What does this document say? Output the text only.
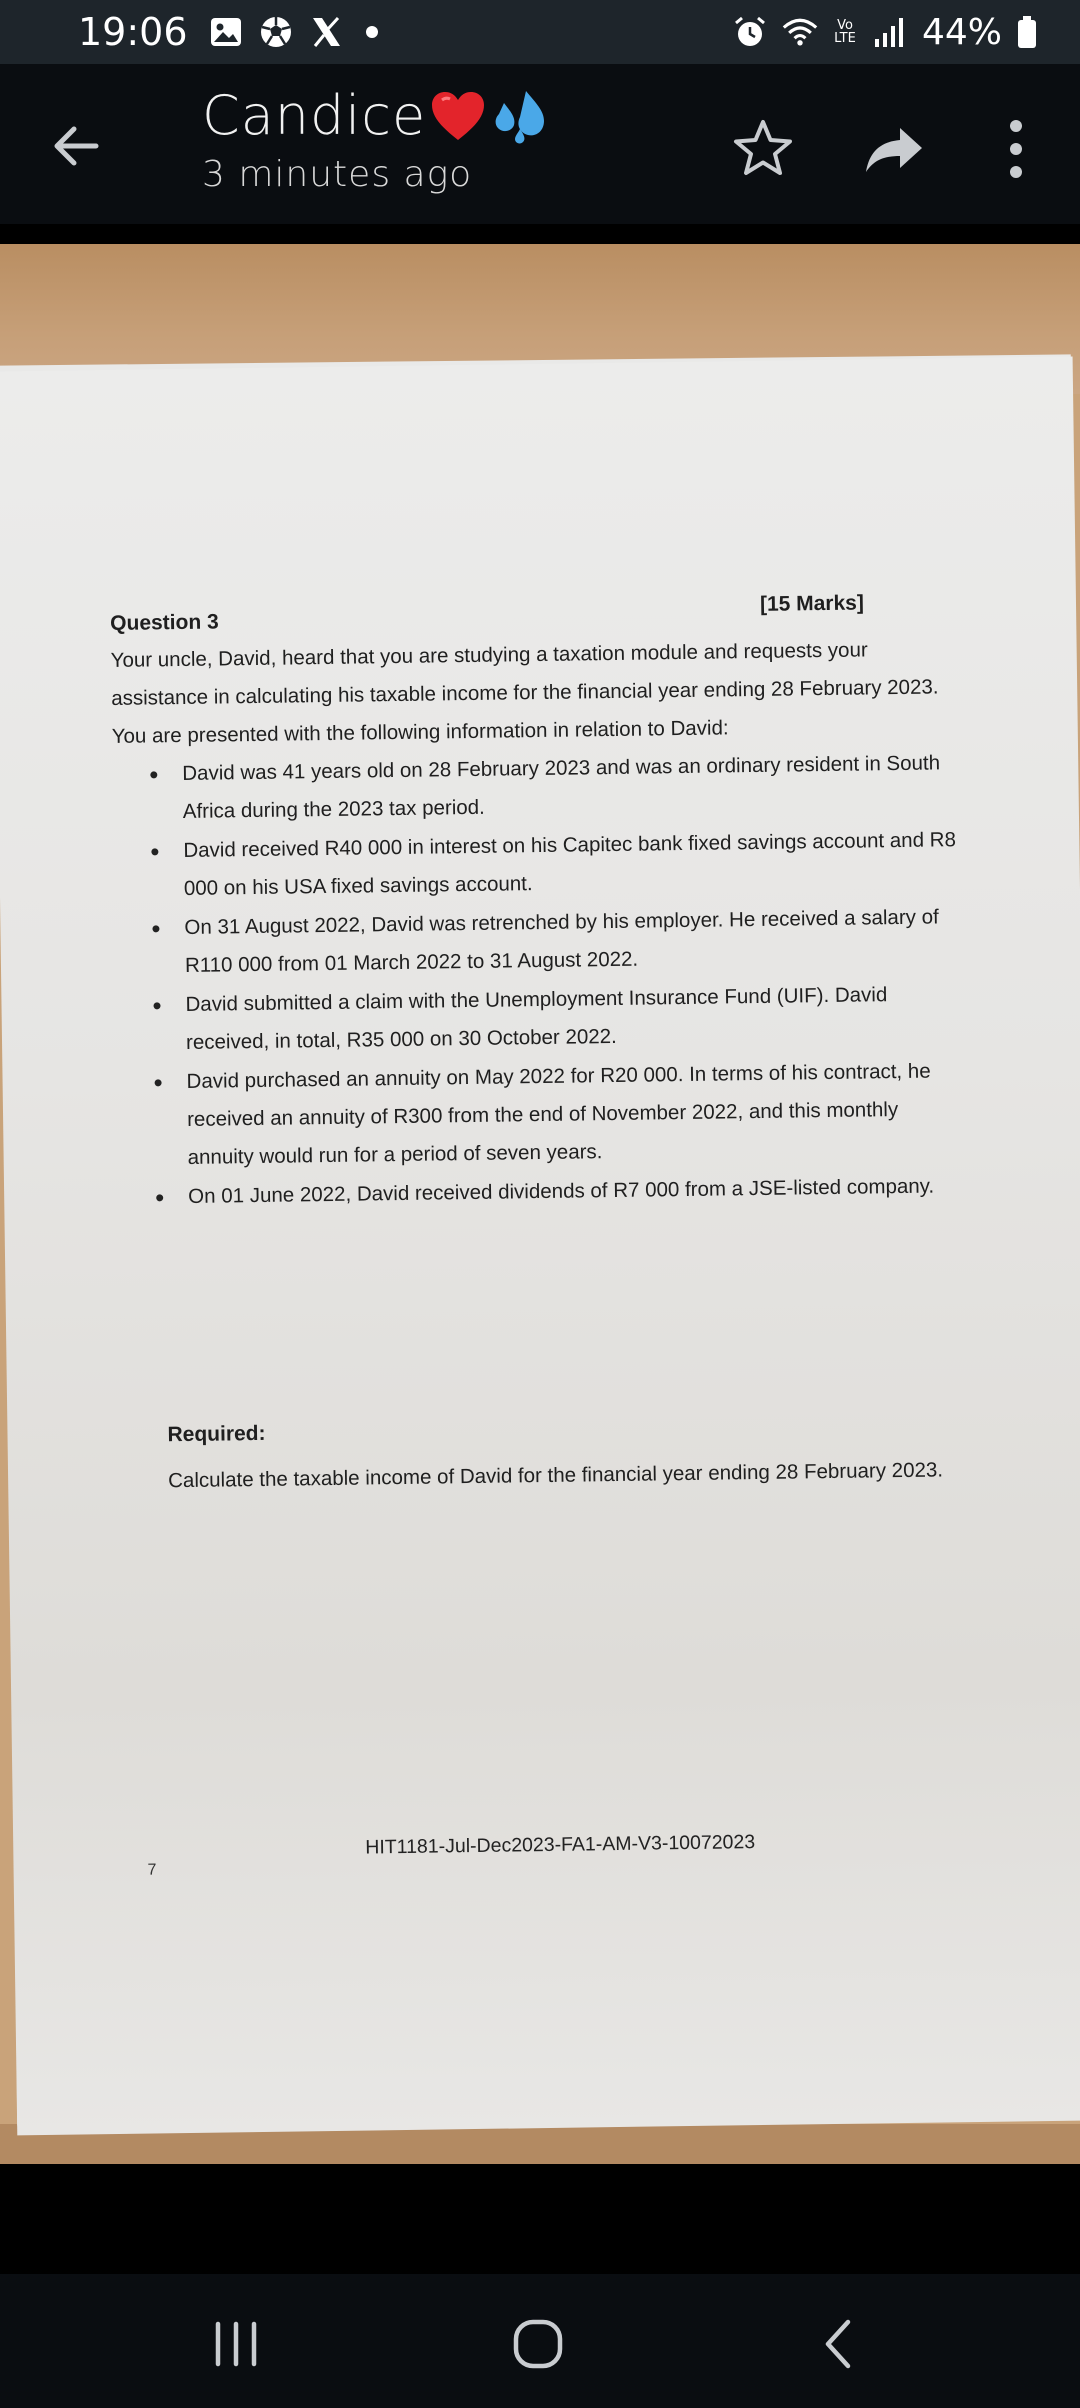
19:06	Vo LTE 44%
Candice
3 minutes ago
Question 3
[15 Marks]
Your uncle, David, heard that you are studying a taxation module and requests your assistance in calculating his taxable income for the financial year ending 28 February 2023. You are presented with the following information in relation to David:
David was 41 years old on 28 February 2023 and was an ordinary resident in South Africa during the 2023 tax period.
David received R40 000 in interest on his Capitec bank fixed savings account and R8 000 on his USA fixed savings account.
On 31 August 2022, David was retrenched by his employer. He received a salary of R110 000 from 01 March 2022 to 31 August 2022.
David submitted a claim with the Unemployment Insurance Fund (UIF). David received, in total, R35 000 on 30 October 2022.
David purchased an annuity on May 2022 for R20 000. In terms of his contract, he received an annuity of R300 from the end of November 2022, and this monthly annuity would run for a period of seven years.
On 01 June 2022, David received dividends of R7 000 from a JSE-listed company.
Required:
Calculate the taxable income of David for the financial year ending 28 February 2023.
7
HIT1181-Jul-Dec2023-FA1-AM-V3-10072023
